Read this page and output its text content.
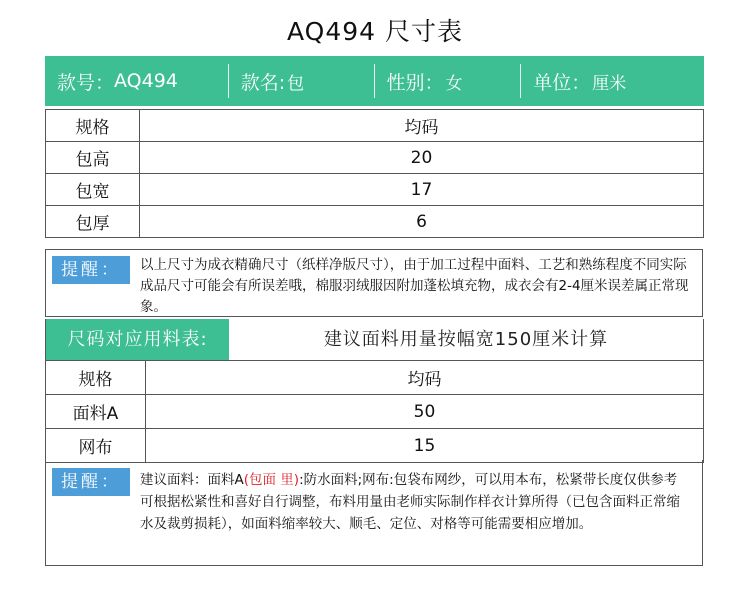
AQ494 尺寸表
款号： AQ494	款名: 包	性别： 女	单位： 厘米
规格	均码
包高	20
包宽	17
包厚	6
提醒：	以上尺寸为成衣精确尺寸（纸样净版尺寸），由于加工过程中面料、工艺和熟练程度不同实际成品尺寸可能会有所误差哦，棉服羽绒服因附加蓬松填充物，成衣会有2-4厘米误差属正常现象。
尺码对应用料表:	建议面料用量按幅宽150厘米计算
规格	均码
面料A	50
网布	15
提醒：	建议面料：面料A(包面 里):防水面料;网布:包袋布网纱，可以用本布，松紧带长度仅供参考可根据松紧性和喜好自行调整，布料用量由老师实际制作样衣计算所得（已包含面料正常缩水及裁剪损耗），如面料缩率较大、顺毛、定位、对格等可能需要相应增加。
